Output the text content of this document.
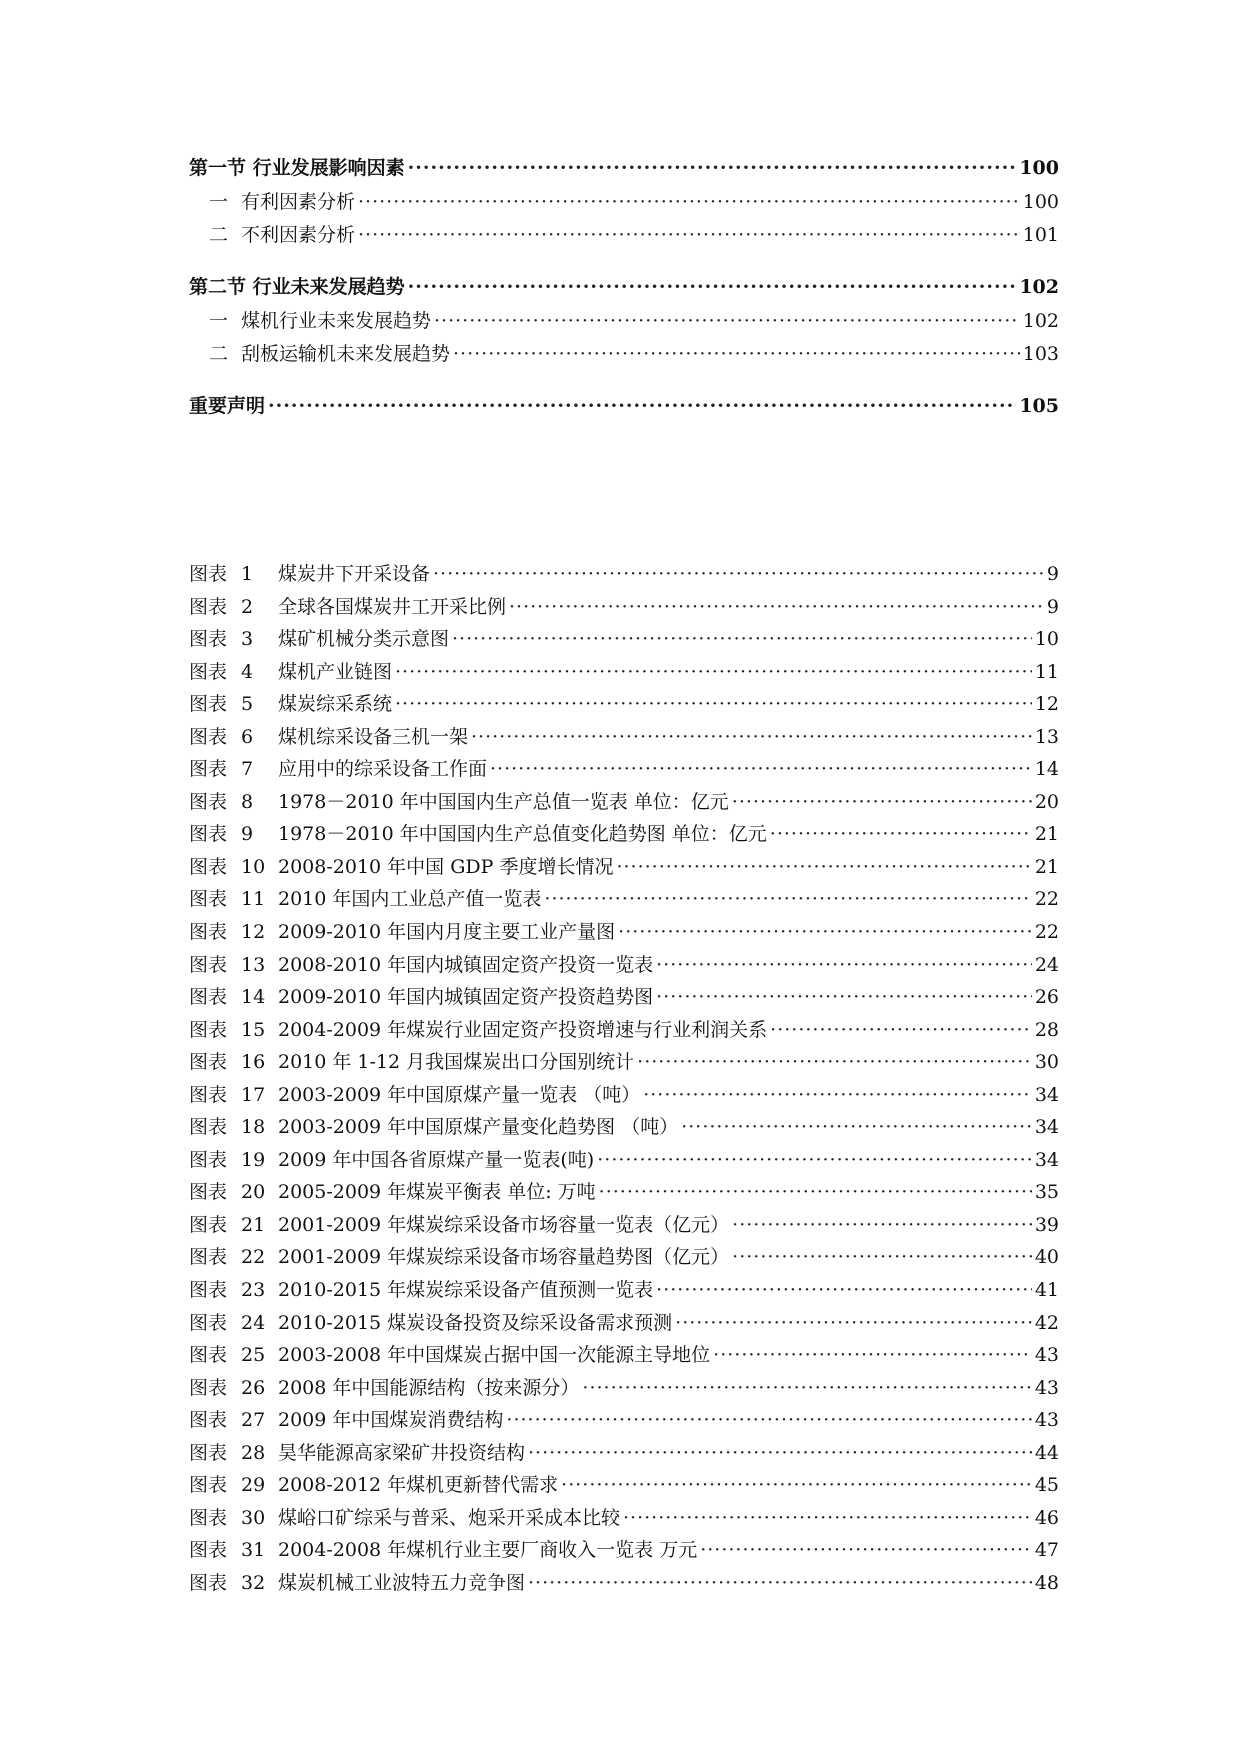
第一节 行业发展影响因素 ·····	100
一 有利因素分析 ·····	100
二 不利因素分析 ·····	101
第二节 行业未来发展趋势 ·····	102
一 煤机行业未来发展趋势 ·····	102
二 刮板运输机未来发展趋势 ·····	103
重要声明 ·····	105
图表 1	煤炭井下开采设备 ·····	9
图表 2	全球各国煤炭井工开采比例 ·····	9
图表 3	煤矿机械分类示意图 ·····	10
图表 4	煤机产业链图 ·····	11
图表 5	煤炭综采系统 ·····	12
图表 6	煤机综采设备三机一架 ·····	13
图表 7	应用中的综采设备工作面 ·····	14
图表 8	1978－2010 年中国国内生产总值一览表 单位：亿元 ·····	20
图表 9	1978－2010 年中国国内生产总值变化趋势图 单位：亿元 ·····	21
图表 10 2008-2010 年中国 GDP 季度增长情况 ·····	21
图表 11 2010 年国内工业总产值一览表 ·····	22
图表 12 2009-2010 年国内月度主要工业产量图 ·····	22
图表 13 2008-2010 年国内城镇固定资产投资一览表 ·····	24
图表 14 2009-2010 年国内城镇固定资产投资趋势图 ·····	26
图表 15 2004-2009 年煤炭行业固定资产投资增速与行业利润关系 ·····	28
图表 16 2010 年 1-12 月我国煤炭出口分国别统计 ·····	30
图表 17 2003-2009 年中国原煤产量一览表 （吨） ·····	34
图表 18 2003-2009 年中国原煤产量变化趋势图 （吨） ·····	34
图表 19 2009 年中国各省原煤产量一览表(吨) ·····	34
图表 20 2005-2009 年煤炭平衡表 单位: 万吨 ·····	35
图表 21 2001-2009 年煤炭综采设备市场容量一览表（亿元） ·····	39
图表 22 2001-2009 年煤炭综采设备市场容量趋势图（亿元） ·····	40
图表 23 2010-2015 年煤炭综采设备产值预测一览表 ·····	41
图表 24 2010-2015 煤炭设备投资及综采设备需求预测 ·····	42
图表 25 2003-2008 年中国煤炭占据中国一次能源主导地位 ·····	43
图表 26 2008 年中国能源结构（按来源分） ·····	43
图表 27 2009 年中国煤炭消费结构 ·····	43
图表 28 昊华能源高家梁矿井投资结构 ·····	44
图表 29 2008-2012 年煤机更新替代需求 ·····	45
图表 30 煤峪口矿综采与普采、炮采开采成本比较 ·····	46
图表 31 2004-2008 年煤机行业主要厂商收入一览表 万元 ·····	47
图表 32 煤炭机械工业波特五力竞争图 ·····	48
